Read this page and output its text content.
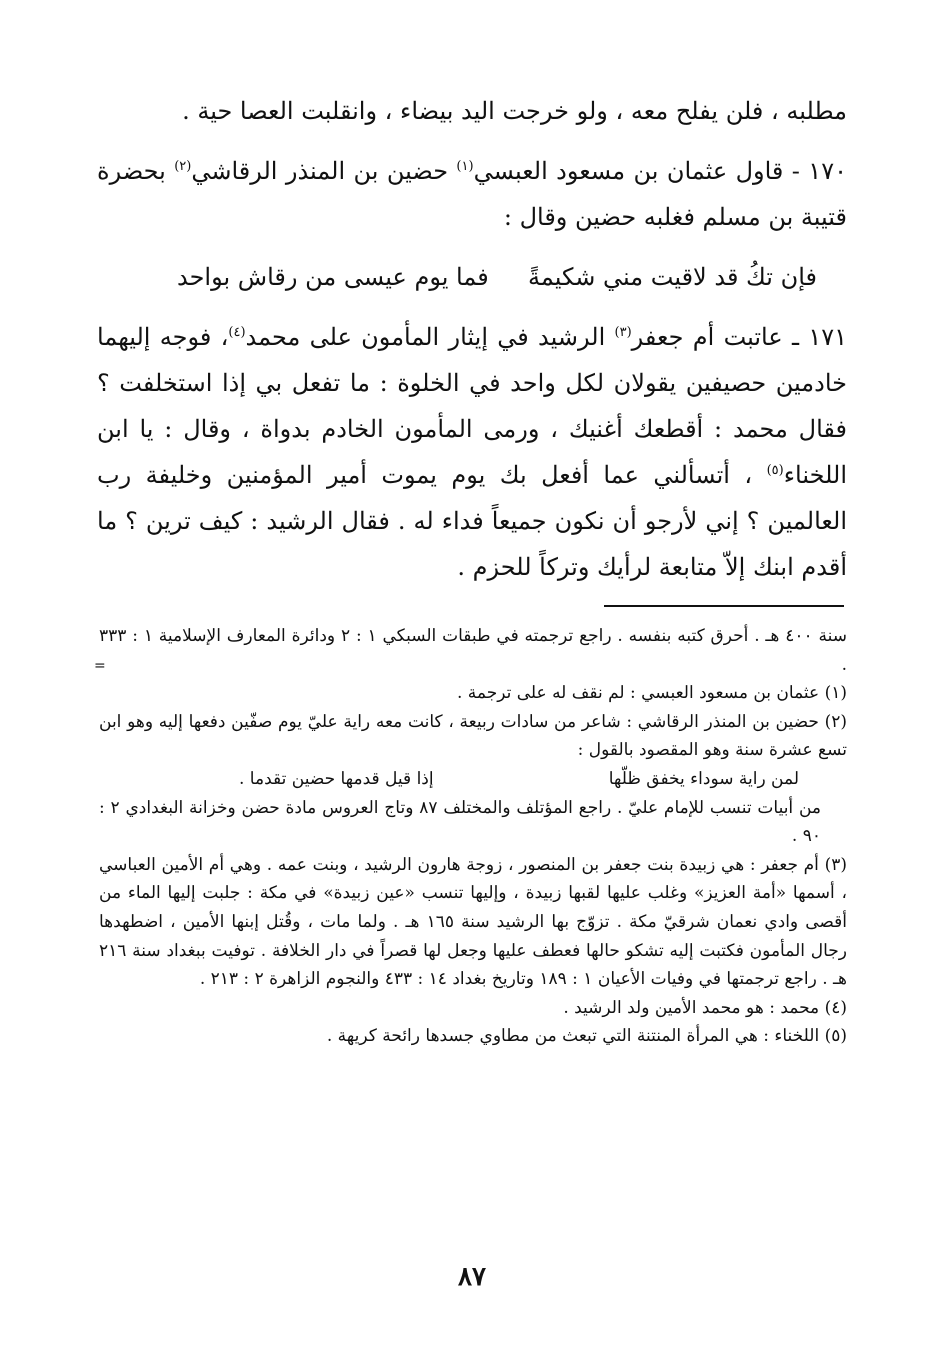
مطلبه ، فلن يفلح معه ، ولو خرجت اليد بيضاء ، وانقلبت العصا حية .

١٧٠ - قاول عثمان بن مسعود العبسي$^{(١)}$ حضين بن المنذر الرقاشي$^{(٢)}$ بحضرة قتيبة بن مسلم فغلبه حضين وقال :

فإن تكُ قد لاقيت مني شكيمةً
فما يوم عيسى من رقاش بواحد

١٧١ ـ عاتبت أم جعفر$^{(٣)}$ الرشيد في إيثار المأمون على محمد$^{(٤)}$، فوجه إليهما خادمين حصيفين يقولان لكل واحد في الخلوة : ما تفعل بي إذا استخلفت ؟ فقال محمد : أقطعك أغنيك ، ورمى المأمون الخادم بدواة ، وقال : يا ابن اللخناء$^{(٥)}$ ، أتسألني عما أفعل بك يوم يموت أمير المؤمنين وخليفة رب العالمين ؟ إني لأرجو أن نكون جميعاً فداء له . فقال الرشيد : كيف ترين ؟ ما أقدم ابنك إلاّ متابعة لرأيك وتركاً للحزم .

=
سنة ٤٠٠ هـ . أحرق كتبه بنفسه . راجع ترجمته في طبقات السبكي ١ : ٢ ودائرة المعارف الإسلامية ١ : ٣٣٣ .

(١) عثمان بن مسعود العبسي : لم نقف له على ترجمة .

(٢) حضين بن المنذر الرقاشي : شاعر من سادات ربيعة ، كانت معه راية عليّ يوم صفّين دفعها إليه وهو ابن تسع عشرة سنة وهو المقصود بالقول :

لمن راية سوداء يخفق ظلّها
إذا قيل قدمها حضين تقدما .

من أبيات تنسب للإمام عليّ . راجع المؤتلف والمختلف ٨٧ وتاج العروس مادة حضن وخزانة البغدادي ٢ : ٩٠ .

(٣) أم جعفر : هي زبيدة بنت جعفر بن المنصور ، زوجة هارون الرشيد ، وبنت عمه . وهي أم الأمين العباسي ، أسمها «أمة العزيز» وغلب عليها لقبها زبيدة ، وإليها تنسب «عين زبيدة» في مكة : جلبت إليها الماء من أقصى وادي نعمان شرقيّ مكة . تزوّج بها الرشيد سنة ١٦٥ هـ . ولما مات ، وقُتل إبنها الأمين ، اضطهدها رجال المأمون فكتبت إليه تشكو حالها فعطف عليها وجعل لها قصراً في دار الخلافة . توفيت ببغداد سنة ٢١٦ هـ . راجع ترجمتها في وفيات الأعيان ١ : ١٨٩ وتاريخ بغداد ١٤ : ٤٣٣ والنجوم الزاهرة ٢ : ٢١٣ .

(٤) محمد : هو محمد الأمين ولد الرشيد .

(٥) اللخناء : هي المرأة المنتنة التي تبعث من مطاوي جسدها رائحة كريهة .

٨٧
